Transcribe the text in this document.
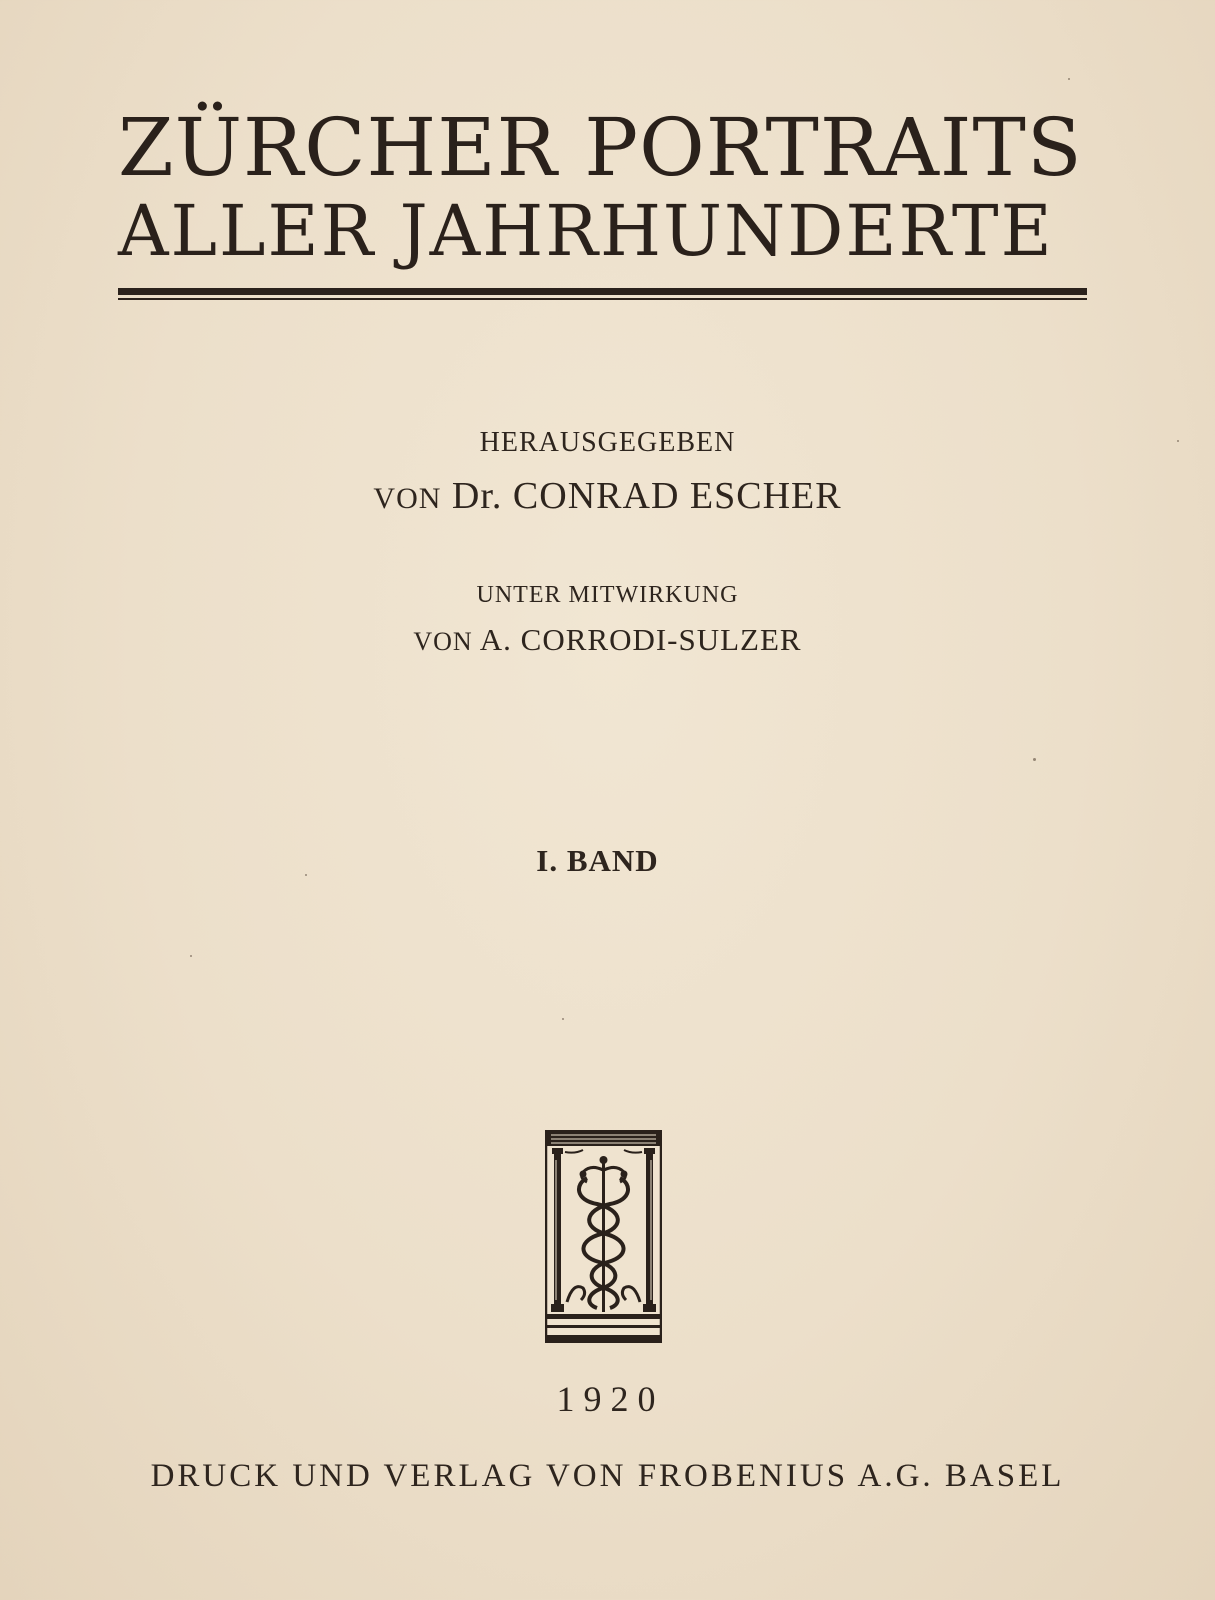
ZÜRCHER PORTRAITS

ALLER JAHRHUNDERTE

HERAUSGEGEBEN

VON Dr. CONRAD ESCHER

UNTER MITWIRKUNG

VON A. CORRODI-SULZER

I. BAND

1920

DRUCK UND VERLAG VON FROBENIUS A.G. BASEL
